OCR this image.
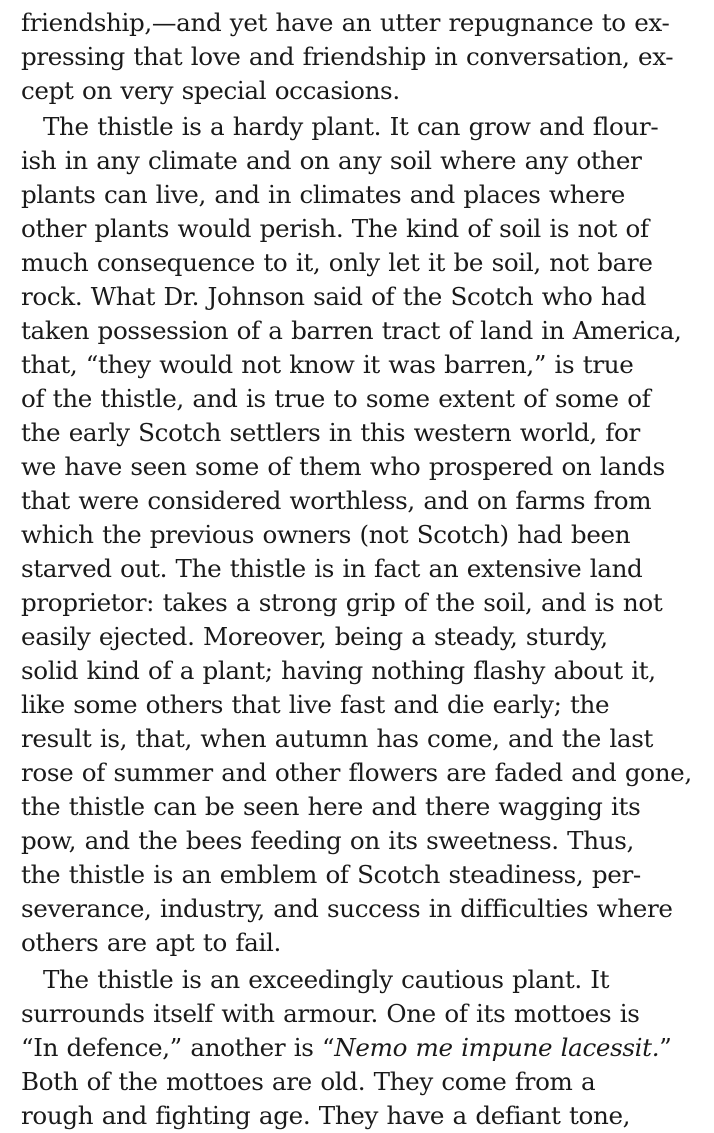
friendship,—and yet have an utter repugnance to ex-
pressing that love and friendship in conversation, ex-
cept on very special occasions.
The thistle is a hardy plant. It can grow and flour-
ish in any climate and on any soil where any other
plants can live, and in climates and places where
other plants would perish. The kind of soil is not of
much consequence to it, only let it be soil, not bare
rock. What Dr. Johnson said of the Scotch who had
taken possession of a barren tract of land in America,
that, “they would not know it was barren,” is true
of the thistle, and is true to some extent of some of
the early Scotch settlers in this western world, for
we have seen some of them who prospered on lands
that were considered worthless, and on farms from
which the previous owners (not Scotch) had been
starved out. The thistle is in fact an extensive land
proprietor: takes a strong grip of the soil, and is not
easily ejected. Moreover, being a steady, sturdy,
solid kind of a plant; having nothing flashy about it,
like some others that live fast and die early; the
result is, that, when autumn has come, and the last
rose of summer and other flowers are faded and gone,
the thistle can be seen here and there wagging its
pow, and the bees feeding on its sweetness. Thus,
the thistle is an emblem of Scotch steadiness, per-
severance, industry, and success in difficulties where
others are apt to fail.
The thistle is an exceedingly cautious plant. It
surrounds itself with armour. One of its mottoes is
“In defence,” another is “Nemo me impune lacessit.”
Both of the mottoes are old. They come from a
rough and fighting age. They have a defiant tone,
